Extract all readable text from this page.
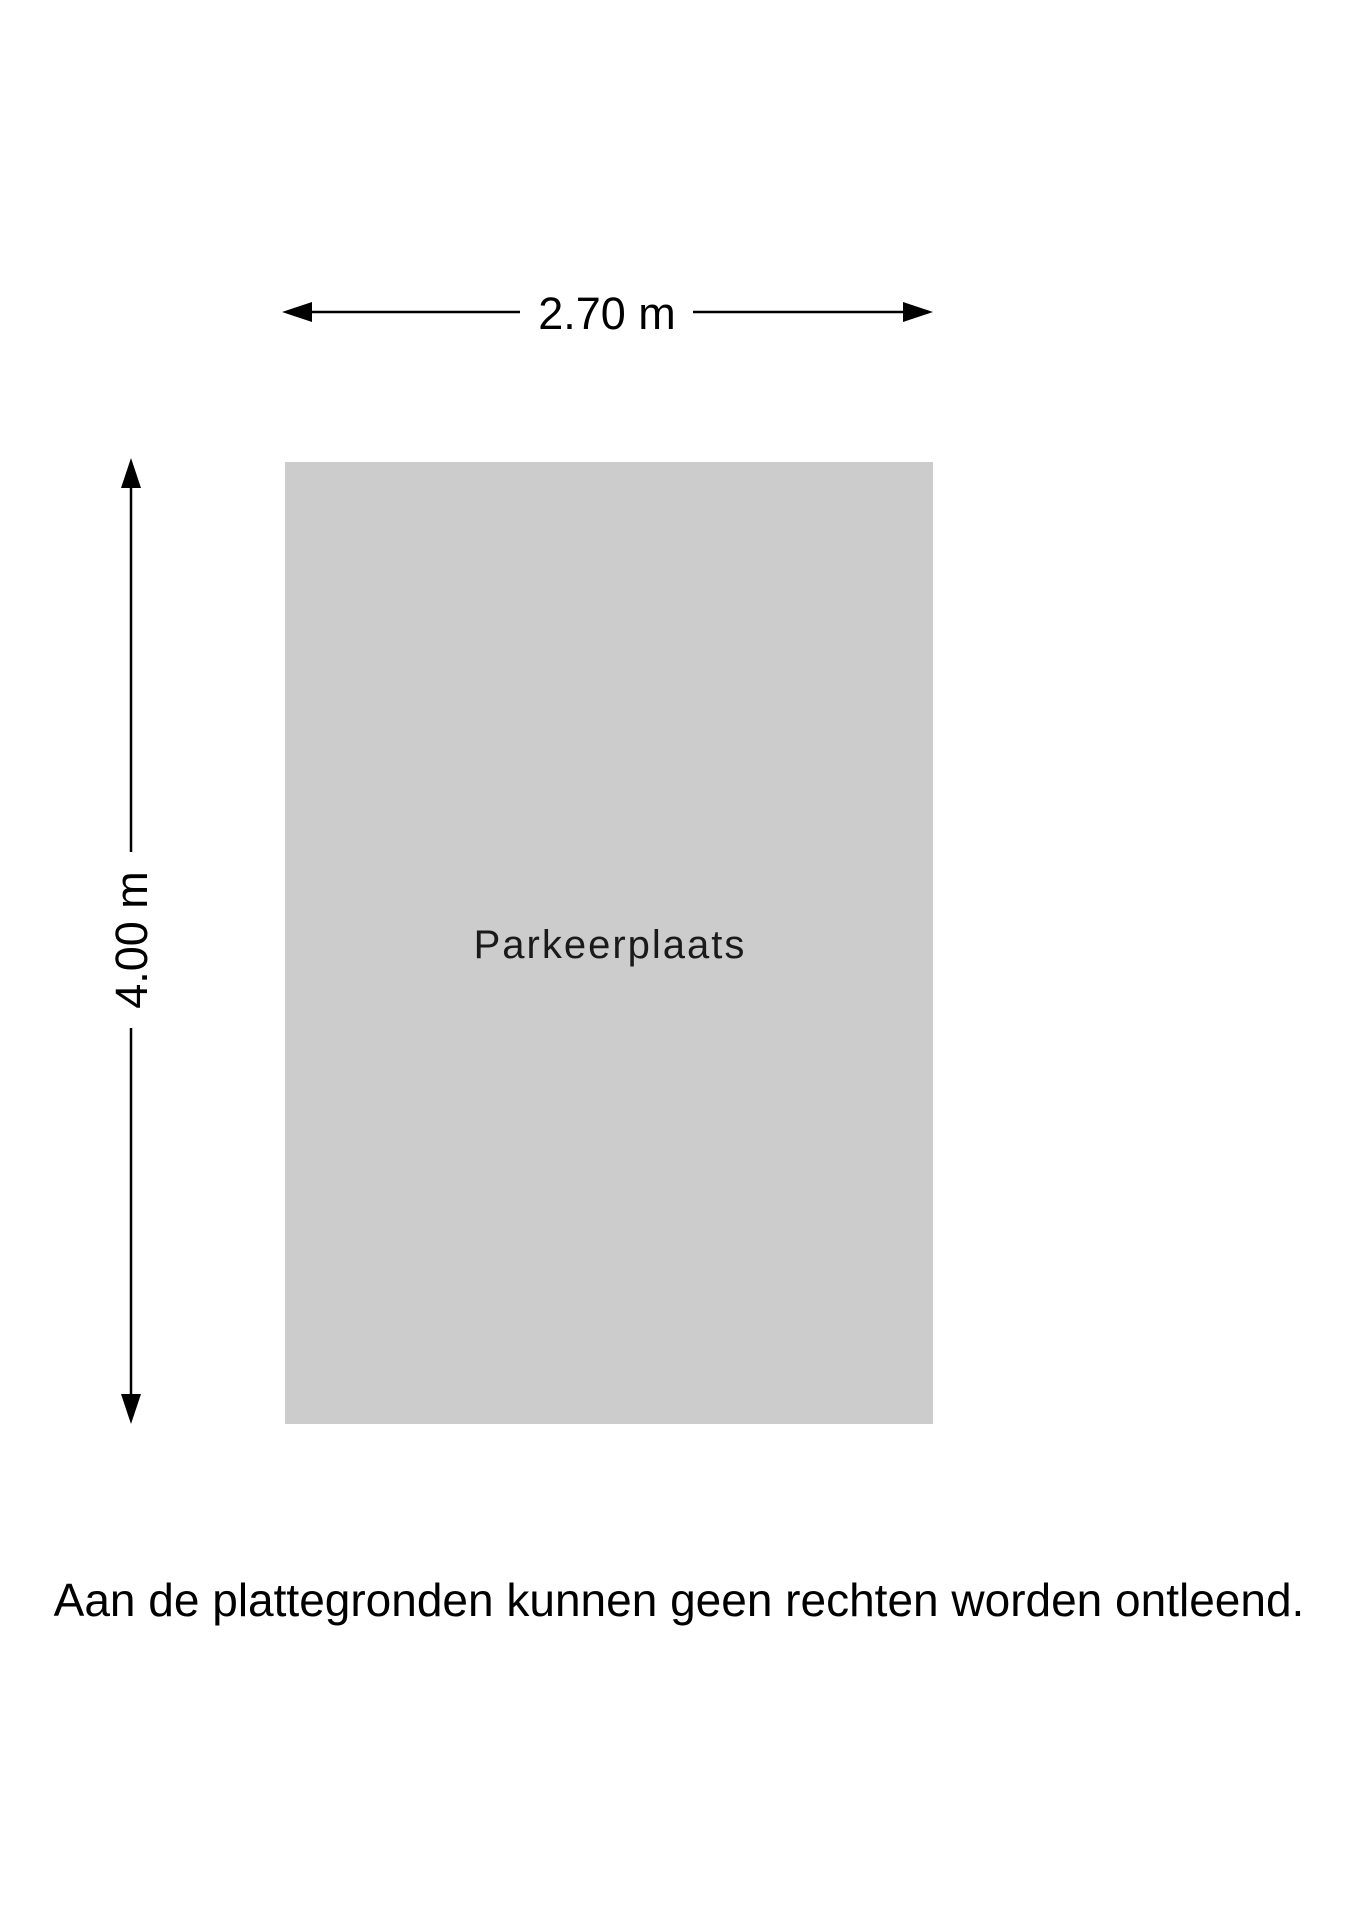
2.70 m
4.00 m	Parkeerplaats
Aan de plattegronden kunnen geen rechten worden ontleend.
